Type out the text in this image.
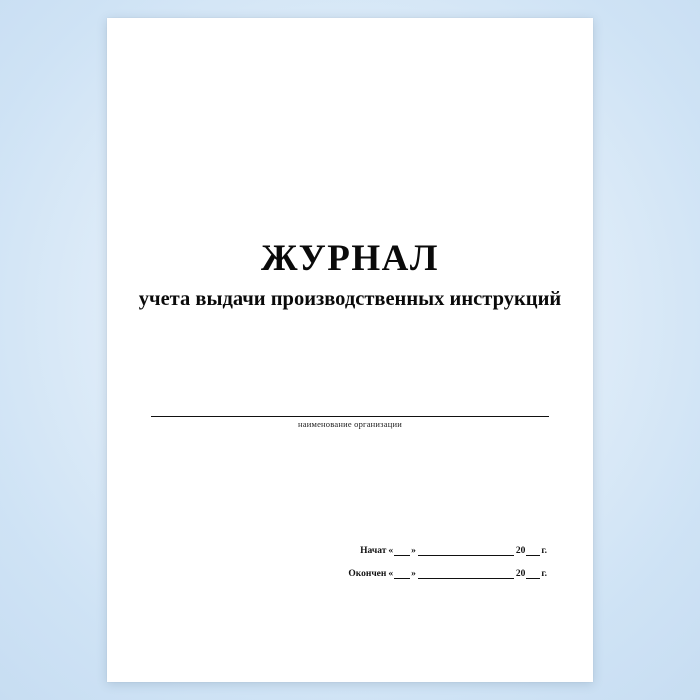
ЖУРНАЛ
учета выдачи производственных инструкций
наименование организации
Начат « »	20 г.
Окончен « »	20 г.
